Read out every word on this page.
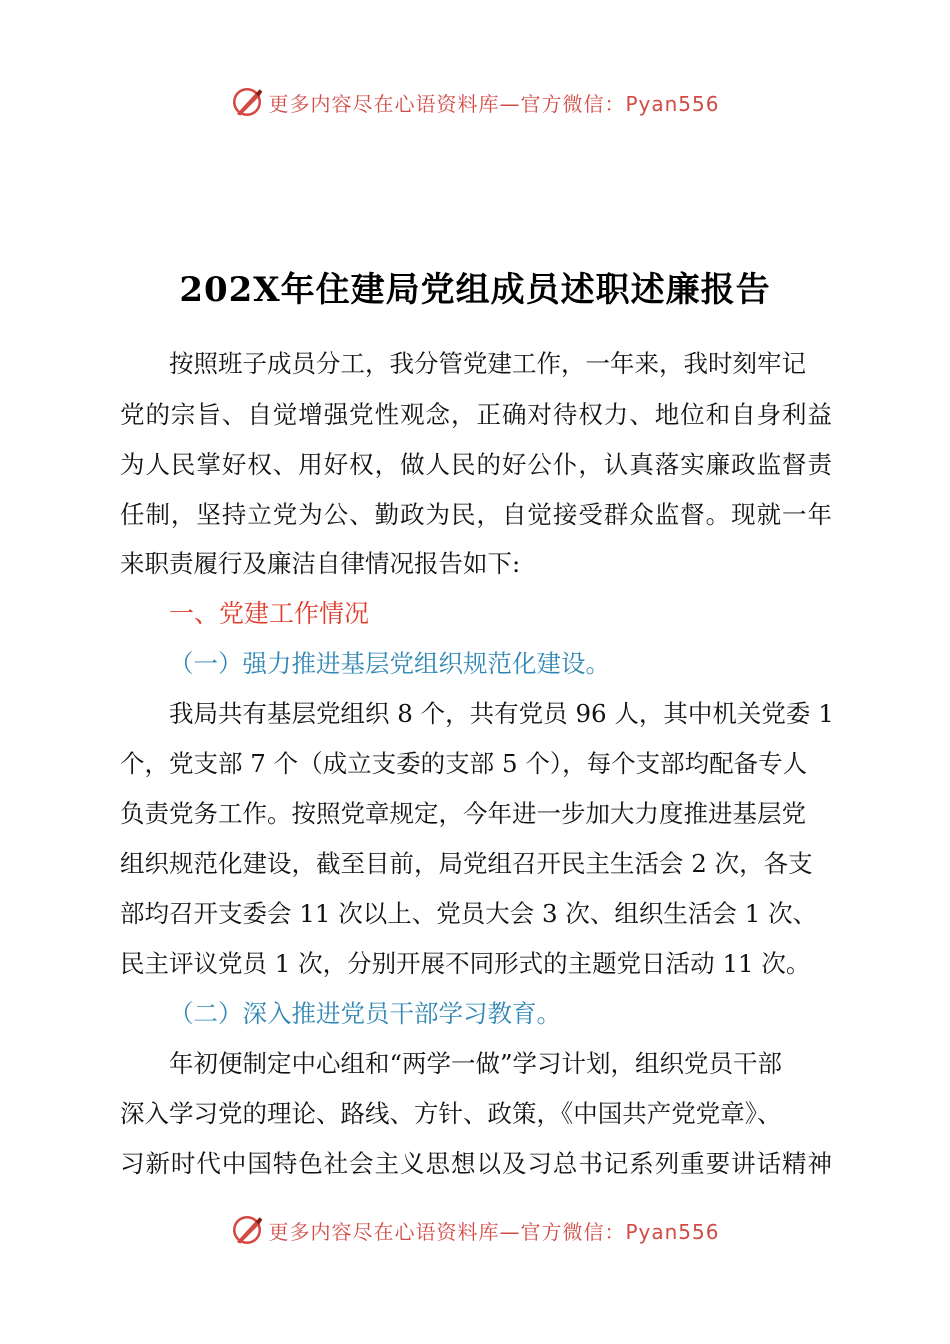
更多内容尽在心语资料库—官方微信：Pyan556
202X年住建局党组成员述职述廉报告
按照班子成员分工，我分管党建工作，一年来，我时刻牢记
党的宗旨、自觉增强党性观念，正确对待权力、地位和自身利益
为人民掌好权、用好权，做人民的好公仆，认真落实廉政监督责
任制，坚持立党为公、勤政为民，自觉接受群众监督。现就一年
来职责履行及廉洁自律情况报告如下:
一、党建工作情况
（一）强力推进基层党组织规范化建设。
我局共有基层党组织 8 个，共有党员 96 人，其中机关党委 1
个，党支部 7 个（成立支委的支部 5 个），每个支部均配备专人
负责党务工作。按照党章规定，今年进一步加大力度推进基层党
组织规范化建设，截至目前，局党组召开民主生活会 2 次，各支
部均召开支委会 11 次以上、党员大会 3 次、组织生活会 1 次、
民主评议党员 1 次，分别开展不同形式的主题党日活动 11 次。
（二）深入推进党员干部学习教育。
年初便制定中心组和“两学一做”学习计划，组织党员干部
深入学习党的理论、路线、方针、政策，《中国共产党党章》、
习新时代中国特色社会主义思想以及习总书记系列重要讲话精神
更多内容尽在心语资料库—官方微信：Pyan556
